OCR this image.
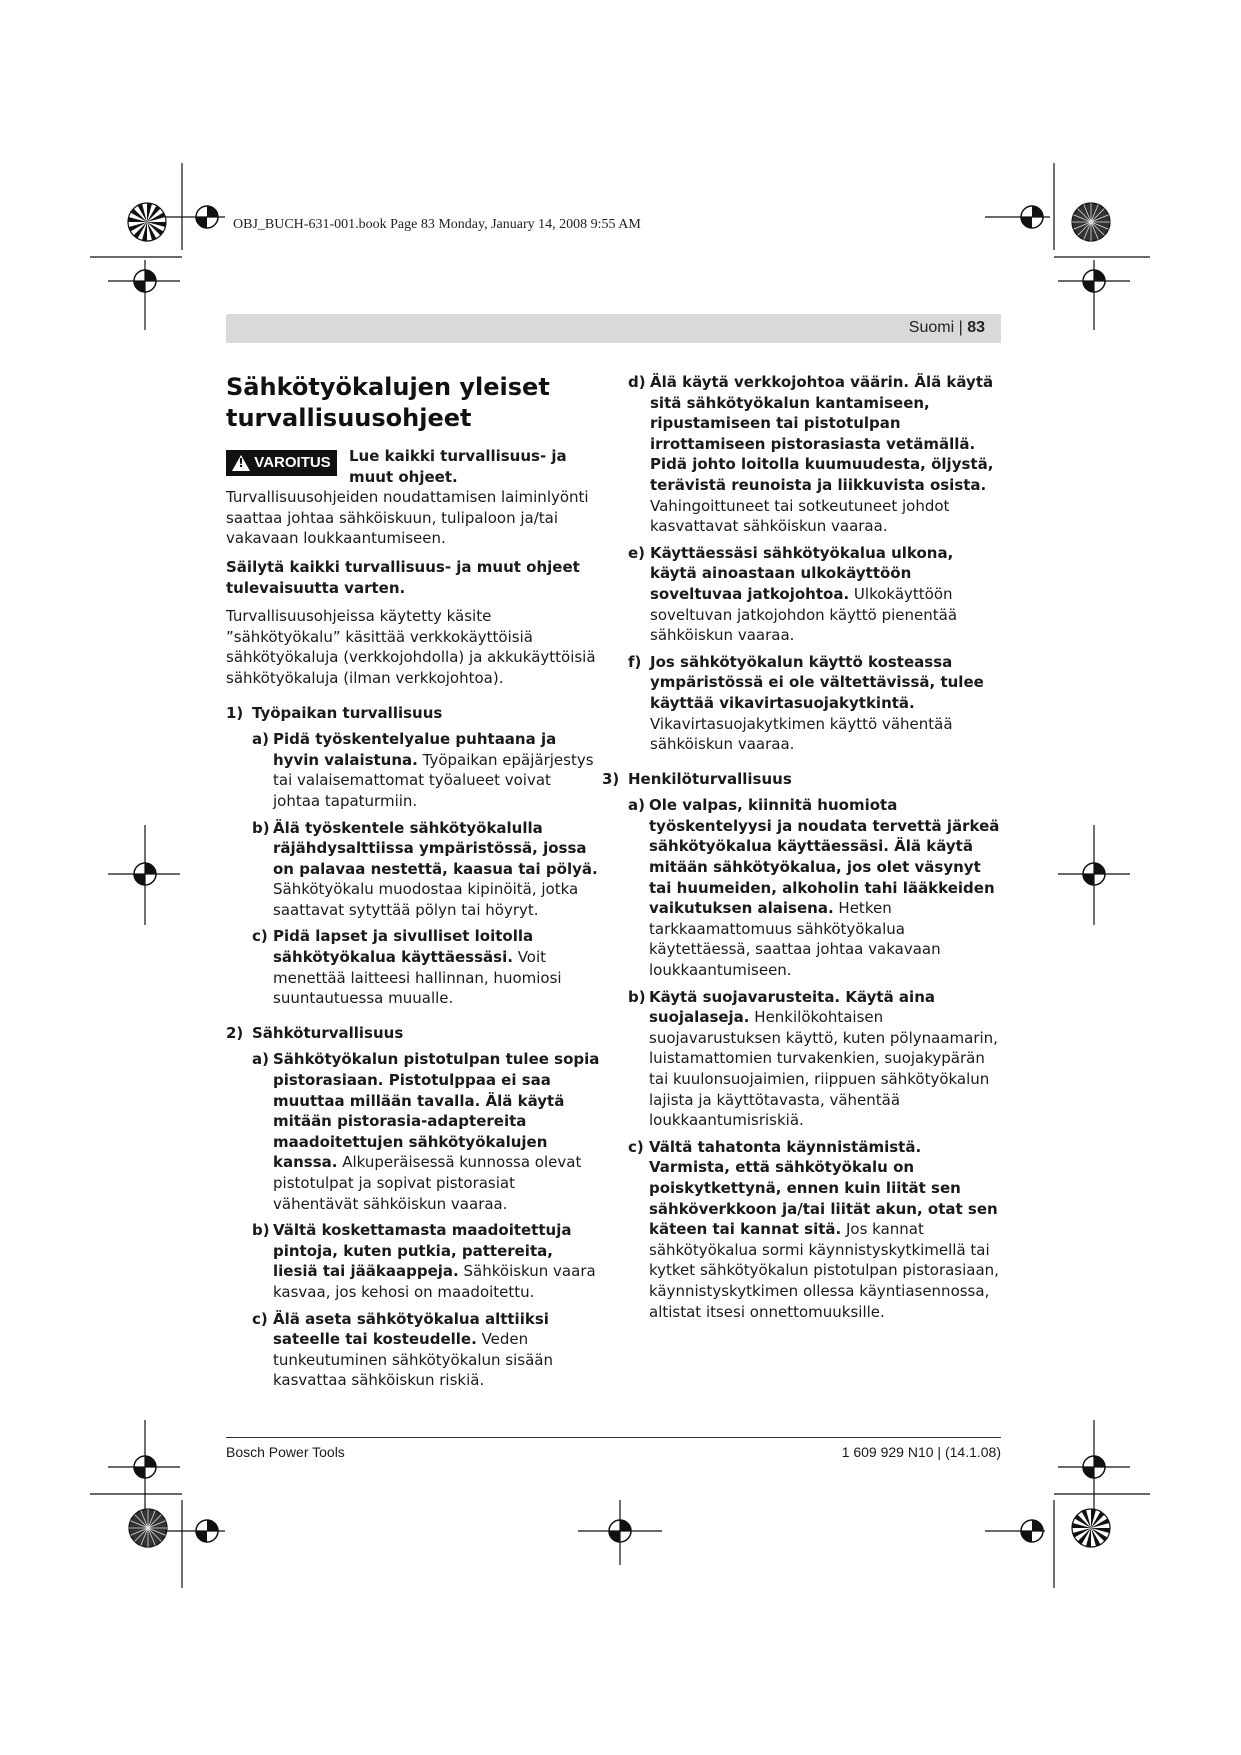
OBJ_BUCH-631-001.book Page 83 Monday, January 14, 2008 9:55 AM
Suomi | 83
Sähkötyökalujen yleiset turvallisuusohjeet
! VAROITUS Lue kaikki turvallisuus- ja muut ohjeet. Turvallisuusohjeiden noudattamisen laiminlyönti saattaa johtaa sähköiskuun, tulipaloon ja/tai vakavaan loukkaantumiseen.

Säilytä kaikki turvallisuus- ja muut ohjeet tulevaisuutta varten.

Turvallisuusohjeissa käytetty käsite ”sähkötyökalu” käsittää verkkokäyttöisiä sähkötyökaluja (verkkojohdolla) ja akkukäyttöisiä sähkötyökaluja (ilman verkkojohtoa).

1) Työpaikan turvallisuus
a) Pidä työskentelyalue puhtaana ja hyvin valaistuna. Työpaikan epäjärjestys tai valaisemattomat työalueet voivat johtaa tapaturmiin.
b) Älä työskentele sähkötyökalulla räjähdysalttiissa ympäristössä, jossa on palavaa nestettä, kaasua tai pölyä. Sähkötyökalu muodostaa kipinöitä, jotka saattavat sytyttää pölyn tai höyryt.
c) Pidä lapset ja sivulliset loitolla sähkötyökalua käyttäessäsi. Voit menettää laitteesi hallinnan, huomiosi suuntautuessa muualle.
2) Sähköturvallisuus
a) Sähkötyökalun pistotulpan tulee sopia pistorasiaan. Pistotulppaa ei saa muuttaa millään tavalla. Älä käytä mitään pistorasia-adaptereita maadoitettujen sähkötyökalujen kanssa. Alkuperäisessä kunnossa olevat pistotulpat ja sopivat pistorasiat vähentävät sähköiskun vaaraa.
b) Vältä koskettamasta maadoitettuja pintoja, kuten putkia, pattereita, liesiä tai jääkaappeja. Sähköiskun vaara kasvaa, jos kehosi on maadoitettu.
c) Älä aseta sähkötyökalua alttiiksi sateelle tai kosteudelle. Veden tunkeutuminen sähkötyökalun sisään kasvattaa sähköiskun riskiä.
d) Älä käytä verkkojohtoa väärin. Älä käytä sitä sähkötyökalun kantamiseen, ripustamiseen tai pistotulpan irrottamiseen pistorasiasta vetämällä. Pidä johto loitolla kuumuudesta, öljystä, terävistä reunoista ja liikkuvista osista. Vahingoittuneet tai sotkeutuneet johdot kasvattavat sähköiskun vaaraa.
e) Käyttäessäsi sähkötyökalua ulkona, käytä ainoastaan ulkokäyttöön soveltuvaa jatkojohtoa. Ulkokäyttöön soveltuvan jatkojohdon käyttö pienentää sähköiskun vaaraa.
f) Jos sähkötyökalun käyttö kosteassa ympäristössä ei ole vältettävissä, tulee käyttää vikavirtasuojakytkintä. Vikavirtasuojakytkimen käyttö vähentää sähköiskun vaaraa.
3) Henkilöturvallisuus
a) Ole valpas, kiinnitä huomiota työskentelyysi ja noudata tervettä järkeä sähkötyökalua käyttäessäsi. Älä käytä mitään sähkötyökalua, jos olet väsynyt tai huumeiden, alkoholin tahi lääkkeiden vaikutuksen alaisena. Hetken tarkkaamattomuus sähkötyökalua käytettäessä, saattaa johtaa vakavaan loukkaantumiseen.
b) Käytä suojavarusteita. Käytä aina suojalaseja. Henkilökohtaisen suojavarustuksen käyttö, kuten pölynaamarin, luistamattomien turvakenkien, suojakypärän tai kuulonsuojaimien, riippuen sähkötyökalun lajista ja käyttötavasta, vähentää loukkaantumisriskiä.
c) Vältä tahatonta käynnistämistä. Varmista, että sähkötyökalu on poiskytkettynä, ennen kuin liität sen sähköverkkoon ja/tai liität akun, otat sen käteen tai kannat sitä. Jos kannat sähkötyökalua sormi käynnistyskytkimellä tai kytket sähkötyökalun pistotulpan pistorasiaan, käynnistyskytkimen ollessa käyntiasennossa, altistat itsesi onnettomuuksille.
Bosch Power Tools	1 609 929 N10 | (14.1.08)
